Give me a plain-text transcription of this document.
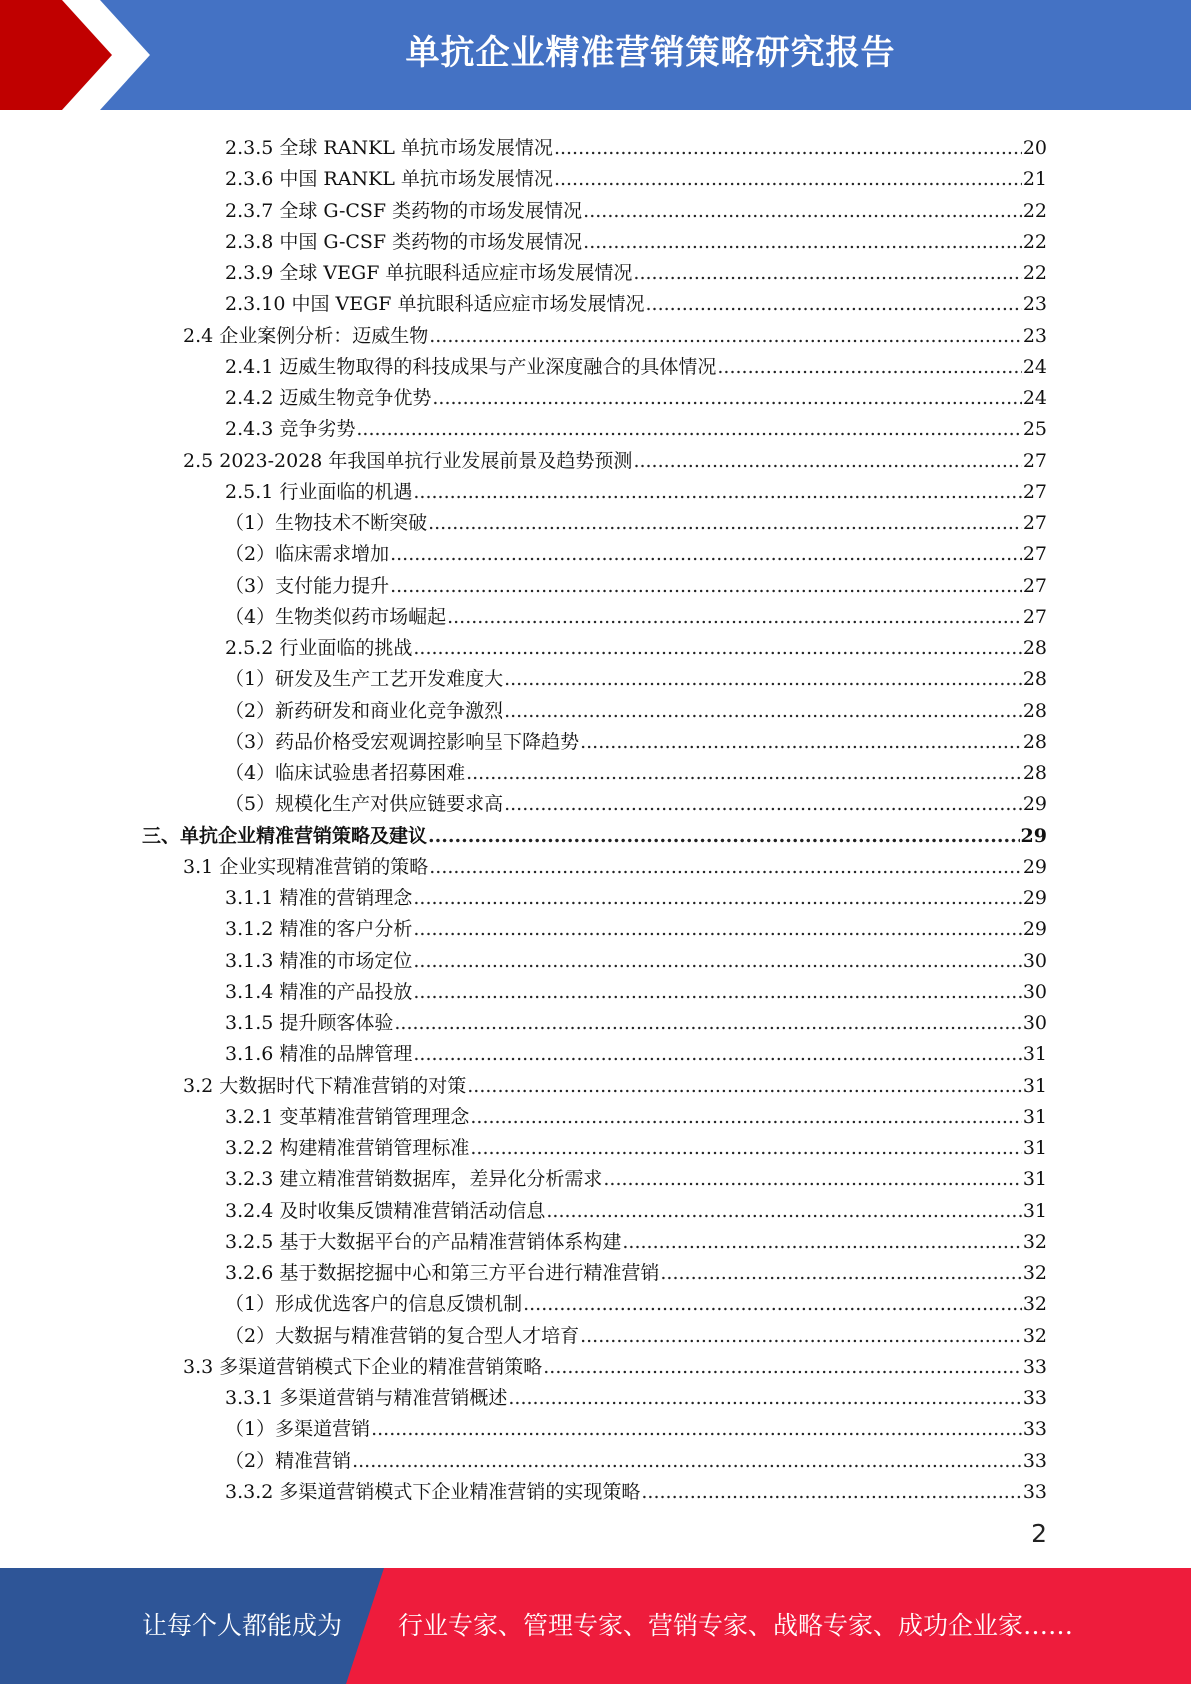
单抗企业精准营销策略研究报告
2.3.5 全球 RANKL 单抗市场发展情况 .....	20
2.3.6 中国 RANKL 单抗市场发展情况 .....	21
2.3.7 全球 G-CSF 类药物的市场发展情况 .....	22
2.3.8 中国 G-CSF 类药物的市场发展情况 .....	22
2.3.9 全球 VEGF 单抗眼科适应症市场发展情况 .....	22
2.3.10 中国 VEGF 单抗眼科适应症市场发展情况 .....	23
2.4 企业案例分析：迈威生物 .....	23
2.4.1 迈威生物取得的科技成果与产业深度融合的具体情况 .....	24
2.4.2 迈威生物竞争优势 .....	24
2.4.3 竞争劣势 .....	25
2.5 2023-2028 年我国单抗行业发展前景及趋势预测 .....	27
2.5.1 行业面临的机遇 .....	27
（1）生物技术不断突破 .....	27
（2）临床需求增加 .....	27
（3）支付能力提升 .....	27
（4）生物类似药市场崛起 .....	27
2.5.2 行业面临的挑战 .....	28
（1）研发及生产工艺开发难度大 .....	28
（2）新药研发和商业化竞争激烈 .....	28
（3）药品价格受宏观调控影响呈下降趋势 .....	28
（4）临床试验患者招募困难 .....	28
（5）规模化生产对供应链要求高 .....	29
三、单抗企业精准营销策略及建议 .....	29
3.1 企业实现精准营销的策略 .....	29
3.1.1 精准的营销理念 .....	29
3.1.2 精准的客户分析 .....	29
3.1.3 精准的市场定位 .....	30
3.1.4 精准的产品投放 .....	30
3.1.5 提升顾客体验 .....	30
3.1.6 精准的品牌管理 .....	31
3.2 大数据时代下精准营销的对策 .....	31
3.2.1 变革精准营销管理理念 .....	31
3.2.2 构建精准营销管理标准 .....	31
3.2.3 建立精准营销数据库，差异化分析需求 .....	31
3.2.4 及时收集反馈精准营销活动信息 .....	31
3.2.5 基于大数据平台的产品精准营销体系构建 .....	32
3.2.6 基于数据挖掘中心和第三方平台进行精准营销 .....	32
（1）形成优选客户的信息反馈机制 .....	32
（2）大数据与精准营销的复合型人才培育 .....	32
3.3 多渠道营销模式下企业的精准营销策略 .....	33
3.3.1 多渠道营销与精准营销概述 .....	33
（1）多渠道营销 .....	33
（2）精准营销 .....	33
3.3.2 多渠道营销模式下企业精准营销的实现策略 .....	33
2
让每个人都能成为 行业专家、管理专家、营销专家、战略专家、成功企业家……
